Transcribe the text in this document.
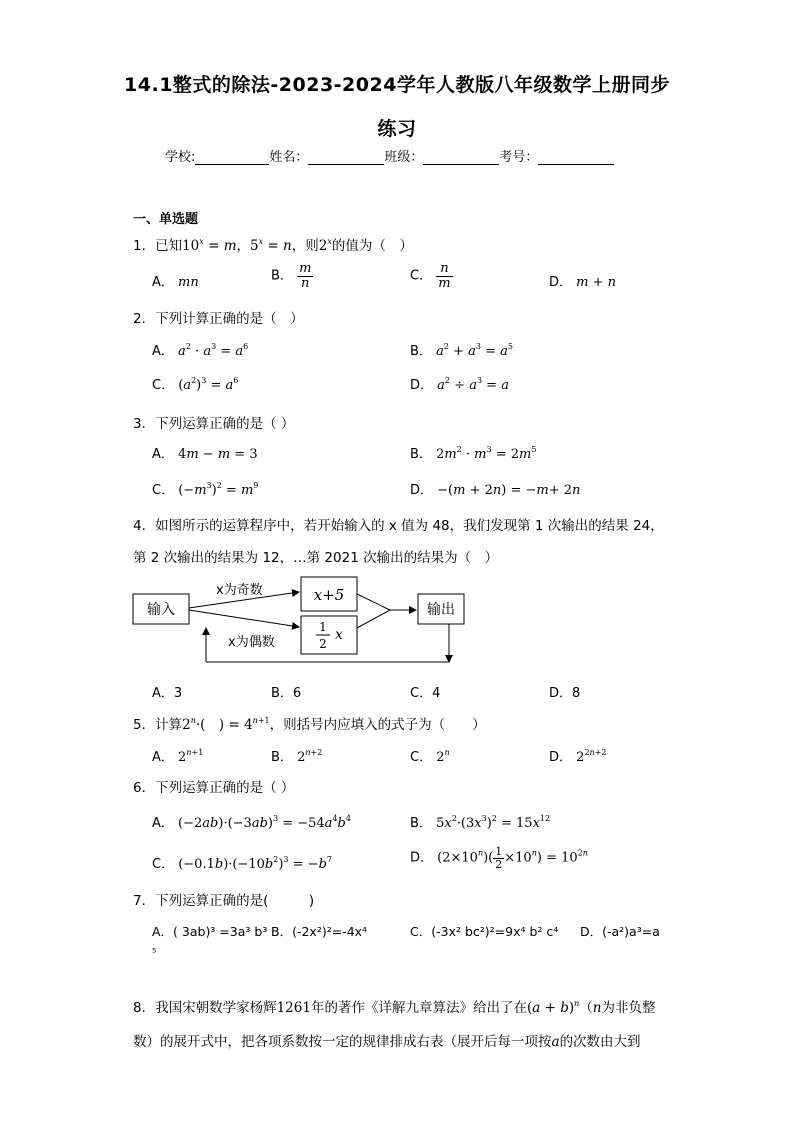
14.1整式的除法-2023-2024学年人教版八年级数学上册同步
练习
学校:	姓名：	班级：	考号：
一、单选题
1．已知$10^x = m$，$5^x = n$，则2$^x$的值为（　）
A． mn	B． $\frac{m}{n}$	C． $\frac{n}{m}$	D． m + n
2．下列计算正确的是（　）
A． $a^2 \cdot a^3 = a^6$	B． $a^2 + a^3 = a^5$
C． $(a^2)^3 = a^6$	D． $a^2 \div a^3 = a$
3．下列运算正确的是（ ）
A． 4m − m = 3	B． $2m^2 \cdot m^3 = 2m^5$
C． $(-m^3)^2 = m^9$	D． −(m + 2n) = −m+ 2n
4．如图所示的运算程序中，若开始输入的 x 值为 48，我们发现第 1 次输出的结果 24，
第 2 次输出的结果为 12，…第 2021 次输出的结果为（　）
输入
x+5
1
2
x
x为奇数
x为偶数
输出
A．3	B．6	C．4	D．8
5．计算$2^n\cdot$(　) = $4^{n+1}$，则括号内应填入的式子为（　　）
A． $2^{n+1}$	B． $2^{n+2}$	C． 2$^n$	D． $2^{2n+2}$
6．下列运算正确的是（ ）
A． $(-2ab)\cdot(-3ab)^3 = -54a^4b^4$	B． $5x^2\cdot(3x^3)^2 = 15x^{12}$
C． $(-0.1b)\cdot(-10b^2)^3 = -b^7$	D． $(2\times 10^n)( \frac{1}{2} \times 10^n) = 10^{2n}$
7．下列运算正确的是(　　　)
A．( 3ab)³ =3a³ b³ B．(-2x²)²=-4x⁴	C．(-3x² bc²)²=9x⁴ b² c⁴ D．(-a²)a³=a
⁵
8．我国宋朝数学家杨辉1261年的著作《详解九章算法》给出了在$(a + b)^n(n$为非负整
数）的展开式中，把各项系数按一定的规律排成右表（展开后每一项按a的次数由大到
